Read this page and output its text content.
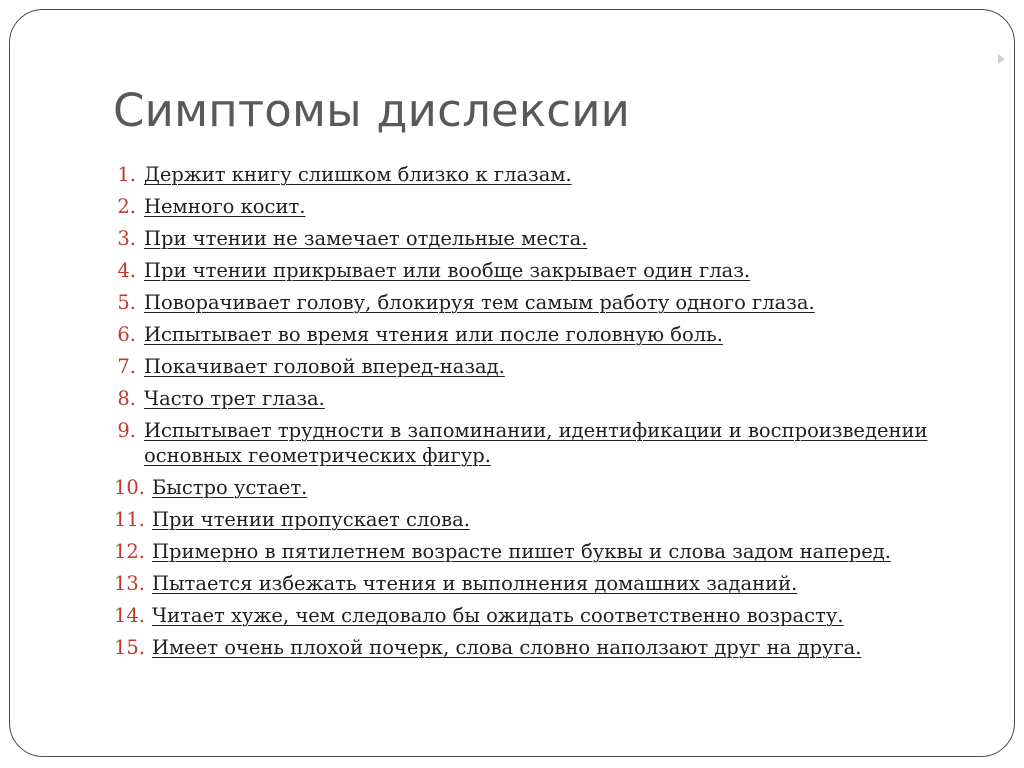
Симптомы дислексии
1. Держит книгу слишком близко к глазам.
2. Немного косит.
3. При чтении не замечает отдельные места.
4. При чтении прикрывает или вообще закрывает один глаз.
5. Поворачивает голову, блокируя тем самым работу одного глаза.
6. Испытывает во время чтения или после головную боль.
7. Покачивает головой вперед-назад.
8. Часто трет глаза.
9. Испытывает трудности в запоминании, идентификации и воспроизведении основных геометрических фигур.
10. Быстро устает.
11. При чтении пропускает слова.
12. Примерно в пятилетнем возрасте пишет буквы и слова задом наперед.
13. Пытается избежать чтения и выполнения домашних заданий.
14. Читает хуже, чем следовало бы ожидать соответственно возрасту.
15. Имеет очень плохой почерк, слова словно наползают друг на друга.
